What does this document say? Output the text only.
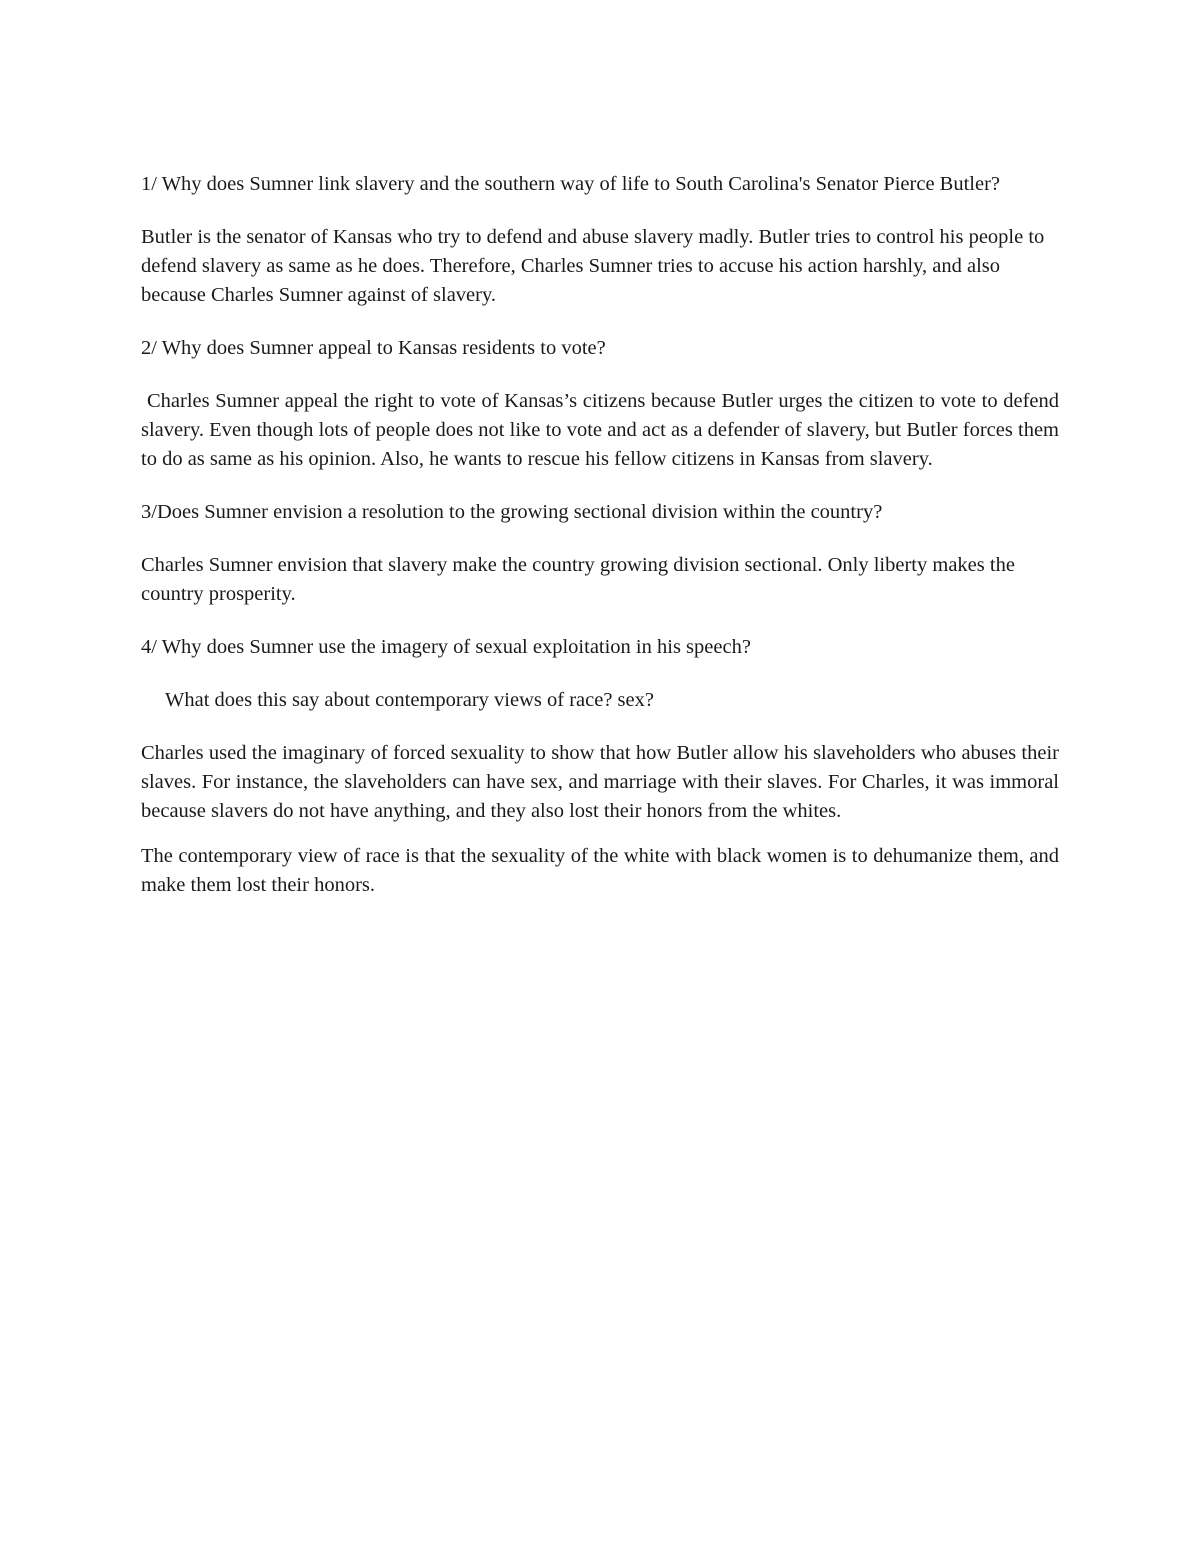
1/ Why does Sumner link slavery and the southern way of life to South Carolina's Senator Pierce Butler?

Butler is the senator of Kansas who try to defend and abuse slavery madly. Butler tries to control his people to defend slavery as same as he does. Therefore, Charles Sumner tries to accuse his action harshly, and also because Charles Sumner against of slavery.

2/ Why does Sumner appeal to Kansas residents to vote?

Charles Sumner appeal the right to vote of Kansas’s citizens because Butler urges the citizen to vote to defend slavery. Even though lots of people does not like to vote and act as a defender of slavery, but Butler forces them to do as same as his opinion. Also, he wants to rescue his fellow citizens in Kansas from slavery.

3/Does Sumner envision a resolution to the growing sectional division within the country?

Charles Sumner envision that slavery make the country growing division sectional. Only liberty makes the country prosperity.

4/ Why does Sumner use the imagery of sexual exploitation in his speech?

What does this say about contemporary views of race? sex?

Charles used the imaginary of forced sexuality to show that how Butler allow his slaveholders who abuses their slaves. For instance, the slaveholders can have sex, and marriage with their slaves. For Charles, it was immoral because slavers do not have anything, and they also lost their honors from the whites.

The contemporary view of race is that the sexuality of the white with black women is to dehumanize them, and make them lost their honors.
